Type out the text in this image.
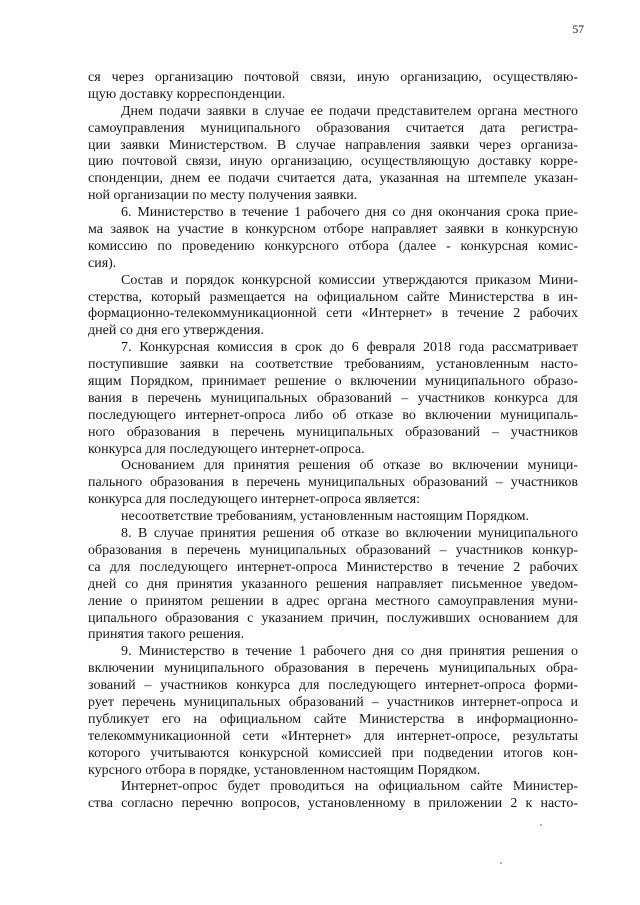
57
ся через организацию почтовой связи, иную организацию, осуществляю-
щую доставку корреспонденции.
Днем подачи заявки в случае ее подачи представителем органа местного
самоуправления муниципального образования считается дата регистра-
ции заявки Министерством. В случае направления заявки через организа-
цию почтовой связи, иную организацию, осуществляющую доставку корре-
спонденции, днем ее подачи считается дата, указанная на штемпеле указан-
ной организации по месту получения заявки.
6. Министерство в течение 1 рабочего дня со дня окончания срока прие-
ма заявок на участие в конкурсном отборе направляет заявки в конкурсную
комиссию по проведению конкурсного отбора (далее - конкурсная комис-
сия).
Состав и порядок конкурсной комиссии утверждаются приказом Мини-
стерства, который размещается на официальном сайте Министерства в ин-
формационно-телекоммуникационной сети «Интернет» в течение 2 рабочих
дней со дня его утверждения.
7. Конкурсная комиссия в срок до 6 февраля 2018 года рассматривает
поступившие заявки на соответствие требованиям, установленным насто-
ящим Порядком, принимает решение о включении муниципального образо-
вания в перечень муниципальных образований – участников конкурса для
последующего интернет-опроса либо об отказе во включении муниципаль-
ного образования в перечень муниципальных образований – участников
конкурса для последующего интернет-опроса.
Основанием для принятия решения об отказе во включении муници-
пального образования в перечень муниципальных образований – участников
конкурса для последующего интернет-опроса является:
несоответствие требованиям, установленным настоящим Порядком.
8. В случае принятия решения об отказе во включении муниципального
образования в перечень муниципальных образований – участников конкур-
са для последующего интернет-опроса Министерство в течение 2 рабочих
дней со дня принятия указанного решения направляет письменное уведом-
ление о принятом решении в адрес органа местного самоуправления муни-
ципального образования с указанием причин, послуживших основанием для
принятия такого решения.
9. Министерство в течение 1 рабочего дня со дня принятия решения о
включении муниципального образования в перечень муниципальных обра-
зований – участников конкурса для последующего интернет-опроса форми-
рует перечень муниципальных образований – участников интернет-опроса и
публикует его на официальном сайте Министерства в информационно-
телекоммуникационной сети «Интернет» для интернет-опросе, результаты
которого учитываются конкурсной комиссией при подведении итогов кон-
курсного отбора в порядке, установленном настоящим Порядком.
Интернет-опрос будет проводиться на официальном сайте Министер-
ства согласно перечню вопросов, установленному в приложении 2 к насто-
